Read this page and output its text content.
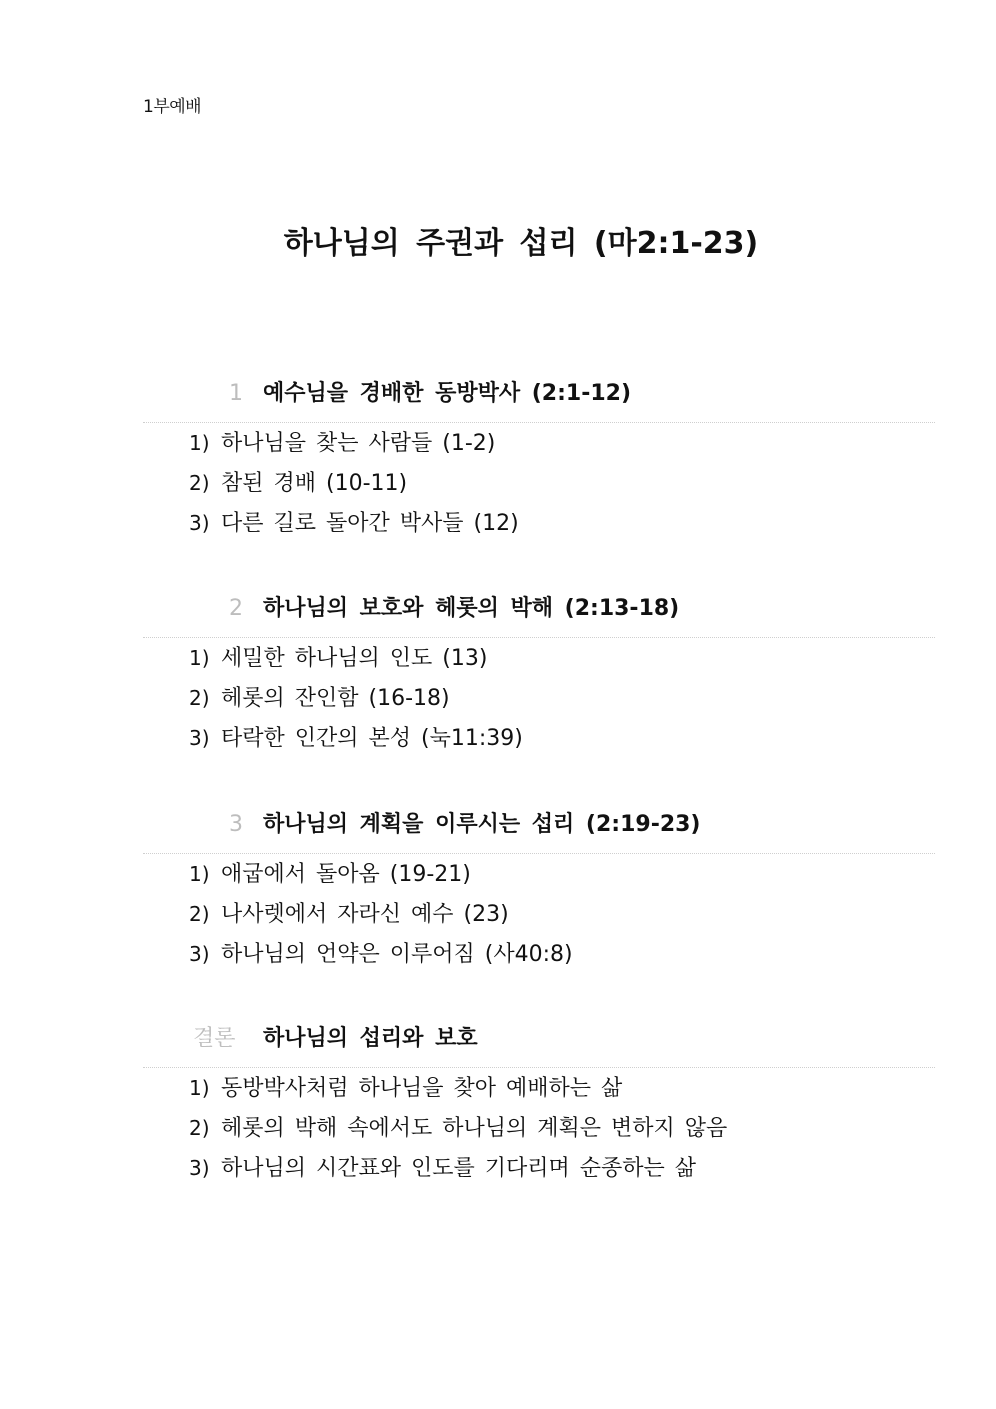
1부예배
하나님의 주권과 섭리 (마2:1-23)
1 예수님을 경배한 동방박사 (2:1-12)
1) 하나님을 찾는 사람들 (1-2)
2) 참된 경배 (10-11)
3) 다른 길로 돌아간 박사들 (12)
2 하나님의 보호와 헤롯의 박해 (2:13-18)
1) 세밀한 하나님의 인도 (13)
2) 헤롯의 잔인함 (16-18)
3) 타락한 인간의 본성 (눅11:39)
3 하나님의 계획을 이루시는 섭리 (2:19-23)
1) 애굽에서 돌아옴 (19-21)
2) 나사렛에서 자라신 예수 (23)
3) 하나님의 언약은 이루어짐 (사40:8)
결론 하나님의 섭리와 보호
1) 동방박사처럼 하나님을 찾아 예배하는 삶
2) 헤롯의 박해 속에서도 하나님의 계획은 변하지 않음
3) 하나님의 시간표와 인도를 기다리며 순종하는 삶
